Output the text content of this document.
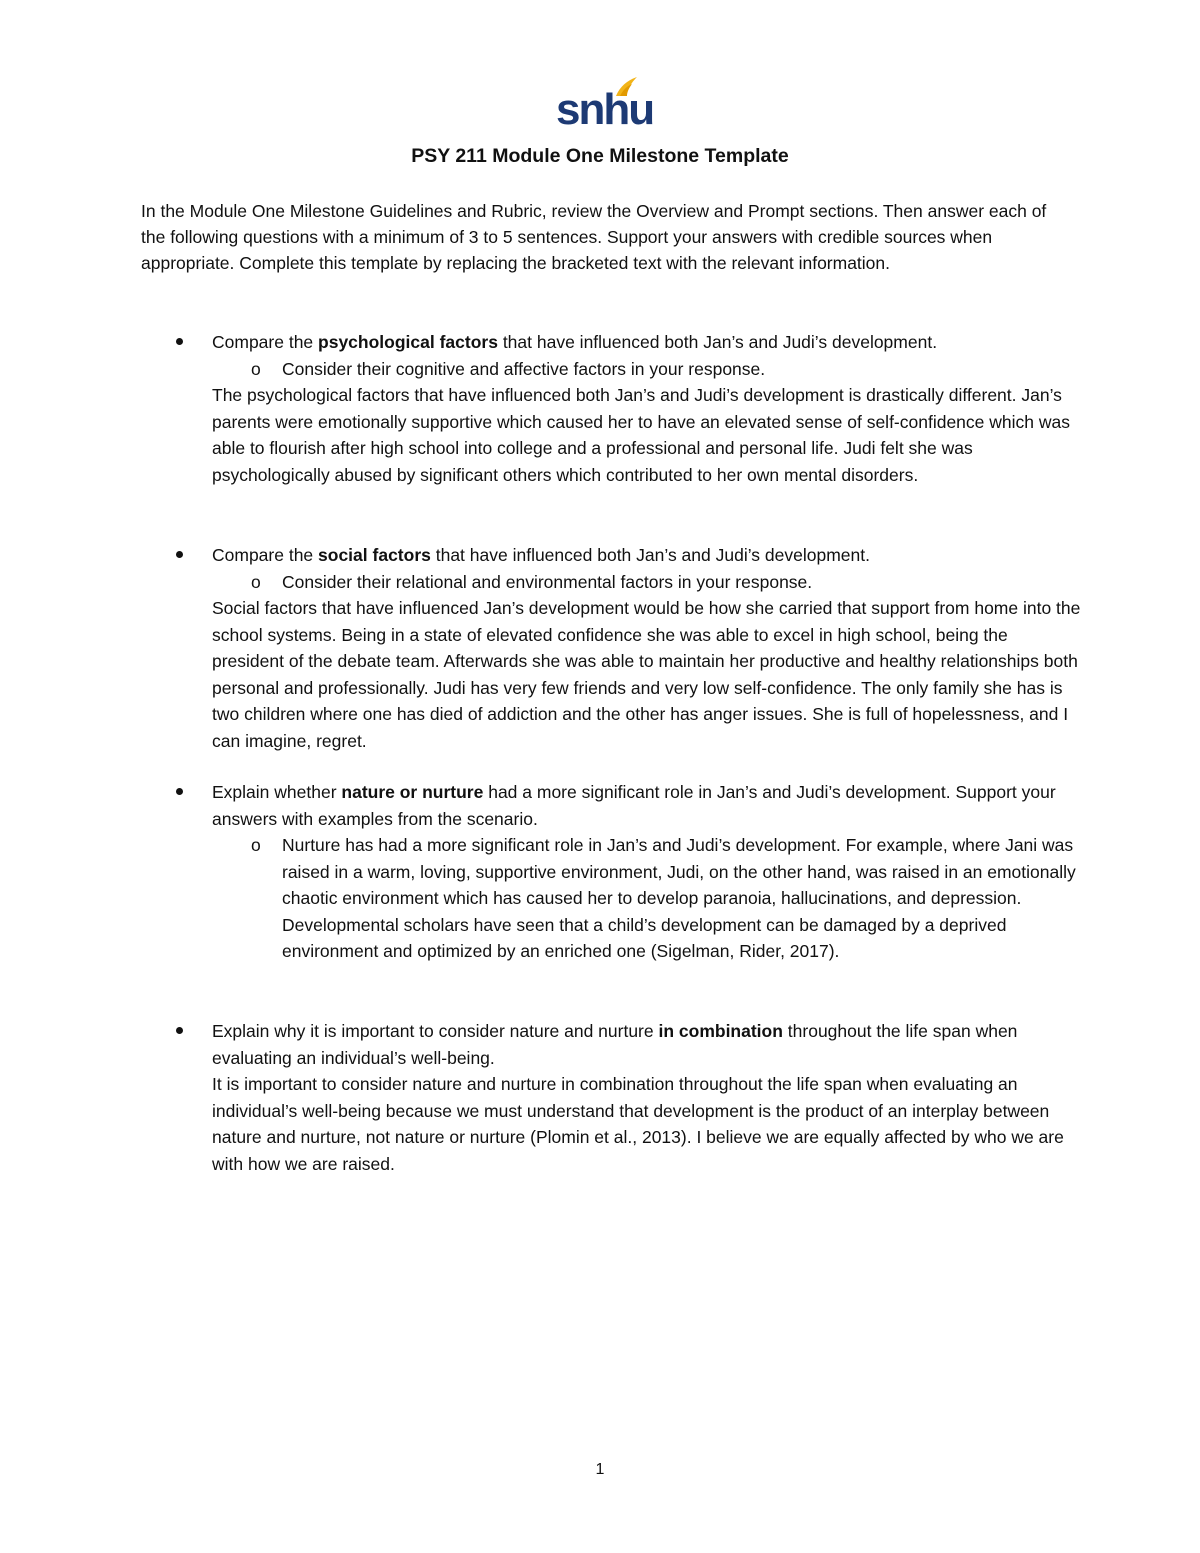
snhu
PSY 211 Module One Milestone Template
In the Module One Milestone Guidelines and Rubric, review the Overview and Prompt sections. Then answer each of the following questions with a minimum of 3 to 5 sentences. Support your answers with credible sources when appropriate. Complete this template by replacing the bracketed text with the relevant information.
Compare the psychological factors that have influenced both Jan’s and Judi’s development.
o Consider their cognitive and affective factors in your response.
The psychological factors that have influenced both Jan’s and Judi’s development is drastically different. Jan’s parents were emotionally supportive which caused her to have an elevated sense of self-confidence which was able to flourish after high school into college and a professional and personal life. Judi felt she was psychologically abused by significant others which contributed to her own mental disorders.
Compare the social factors that have influenced both Jan’s and Judi’s development.
o Consider their relational and environmental factors in your response.
Social factors that have influenced Jan’s development would be how she carried that support from home into the school systems. Being in a state of elevated confidence she was able to excel in high school, being the president of the debate team. Afterwards she was able to maintain her productive and healthy relationships both personal and professionally. Judi has very few friends and very low self-confidence. The only family she has is two children where one has died of addiction and the other has anger issues. She is full of hopelessness, and I can imagine, regret.
Explain whether nature or nurture had a more significant role in Jan’s and Judi’s development. Support your answers with examples from the scenario.
o Nurture has had a more significant role in Jan’s and Judi’s development. For example, where Jani was raised in a warm, loving, supportive environment, Judi, on the other hand, was raised in an emotionally chaotic environment which has caused her to develop paranoia, hallucinations, and depression. Developmental scholars have seen that a child’s development can be damaged by a deprived environment and optimized by an enriched one (Sigelman, Rider, 2017).
Explain why it is important to consider nature and nurture in combination throughout the life span when evaluating an individual’s well-being.
It is important to consider nature and nurture in combination throughout the life span when evaluating an individual’s well-being because we must understand that development is the product of an interplay between nature and nurture, not nature or nurture (Plomin et al., 2013). I believe we are equally affected by who we are with how we are raised.
1
